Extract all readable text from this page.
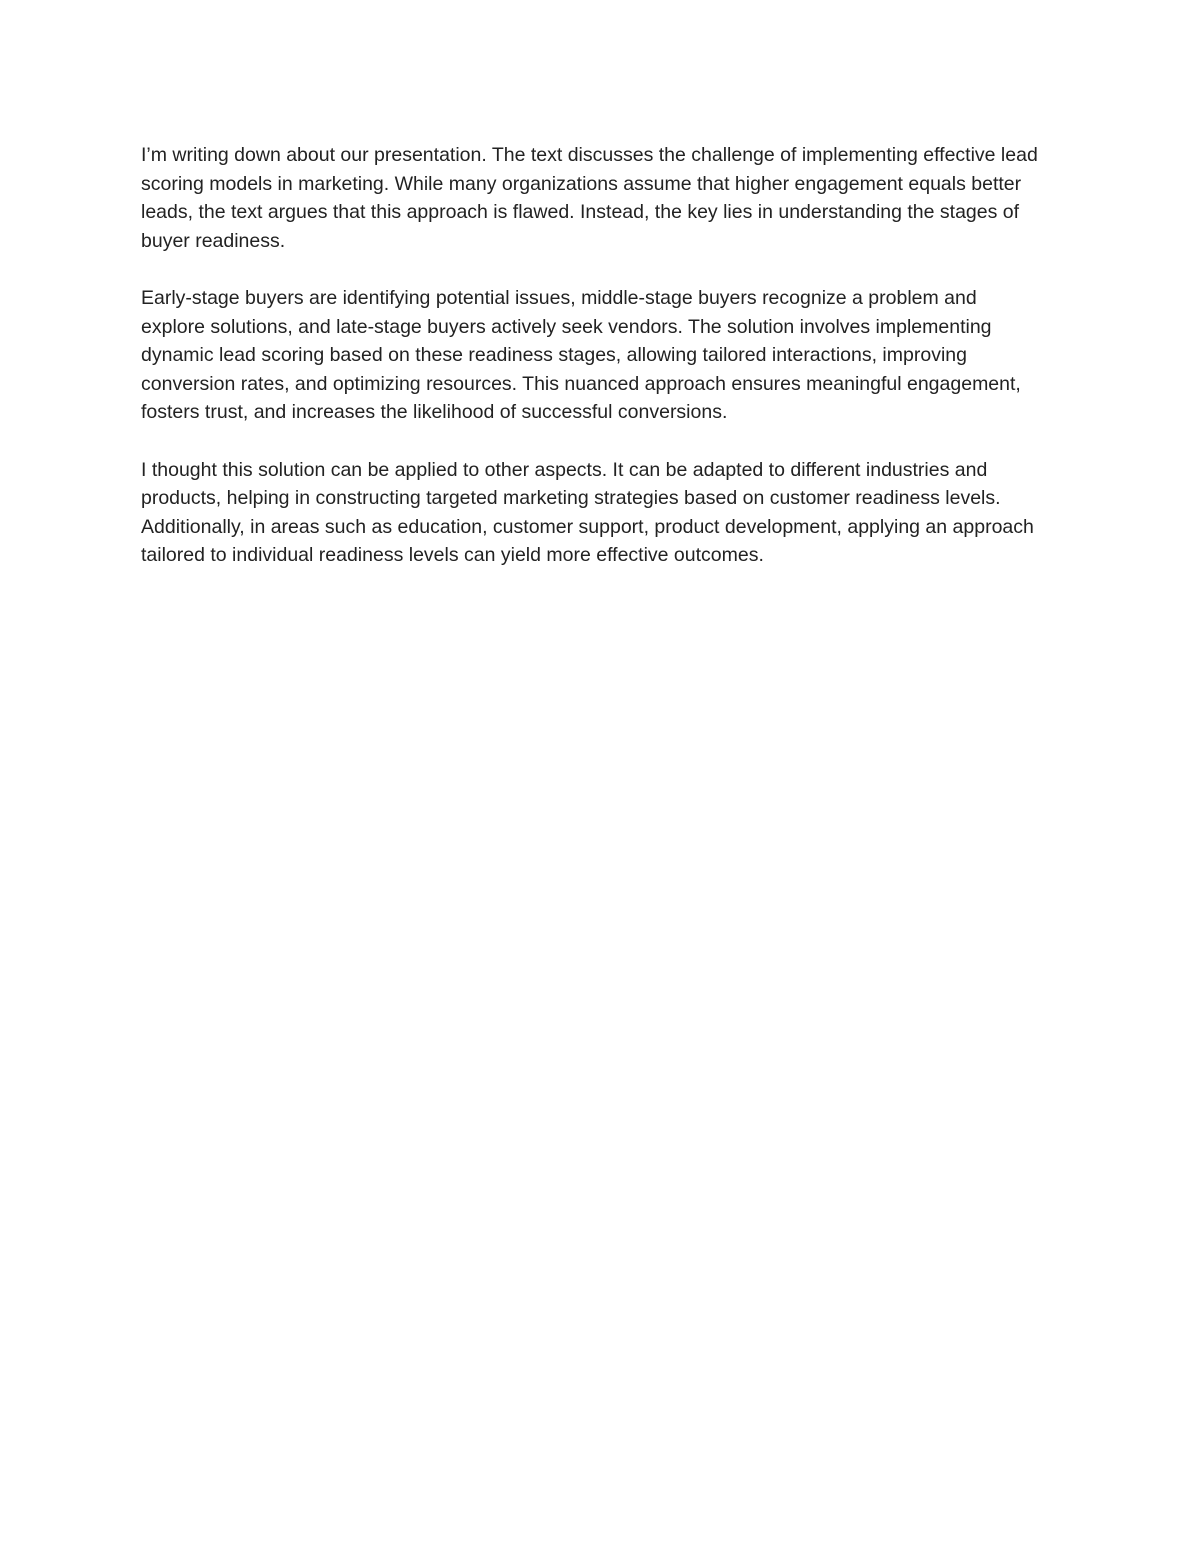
I’m writing down about our presentation. The text discusses the challenge of implementing effective lead scoring models in marketing. While many organizations assume that higher engagement equals better leads, the text argues that this approach is flawed. Instead, the key lies in understanding the stages of buyer readiness.

Early-stage buyers are identifying potential issues, middle-stage buyers recognize a problem and explore solutions, and late-stage buyers actively seek vendors. The solution involves implementing dynamic lead scoring based on these readiness stages, allowing tailored interactions, improving conversion rates, and optimizing resources. This nuanced approach ensures meaningful engagement, fosters trust, and increases the likelihood of successful conversions.

I thought this solution can be applied to other aspects. It can be adapted to different industries and products, helping in constructing targeted marketing strategies based on customer readiness levels. Additionally, in areas such as education, customer support, product development, applying an approach tailored to individual readiness levels can yield more effective outcomes.
